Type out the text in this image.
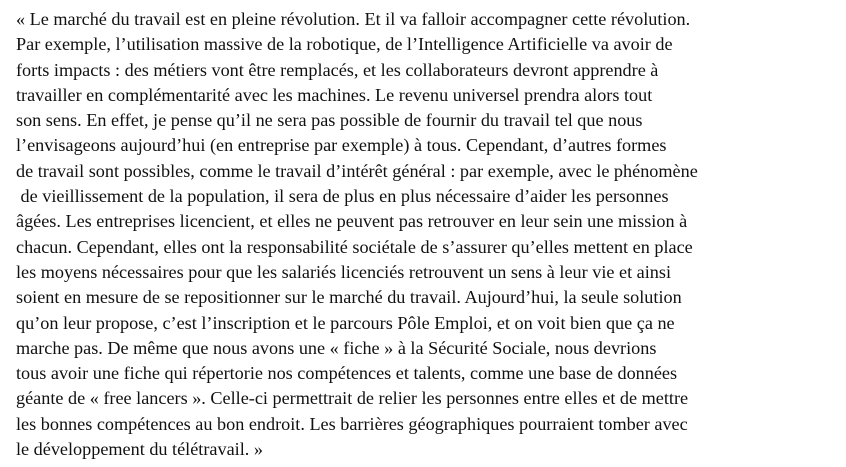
« Le marché du travail est en pleine révolution. Et il va falloir accompagner cette révolution.
Par exemple, l’utilisation massive de la robotique, de l’Intelligence Artificielle va avoir de
forts impacts : des métiers vont être remplacés, et les collaborateurs devront apprendre à
travailler en complémentarité avec les machines. Le revenu universel prendra alors tout
son sens. En effet, je pense qu’il ne sera pas possible de fournir du travail tel que nous
l’envisageons aujourd’hui (en entreprise par exemple) à tous. Cependant, d’autres formes
de travail sont possibles, comme le travail d’intérêt général : par exemple, avec le phénomène
de vieillissement de la population, il sera de plus en plus nécessaire d’aider les personnes
âgées. Les entreprises licencient, et elles ne peuvent pas retrouver en leur sein une mission à
chacun. Cependant, elles ont la responsabilité sociétale de s’assurer qu’elles mettent en place
les moyens nécessaires pour que les salariés licenciés retrouvent un sens à leur vie et ainsi
soient en mesure de se repositionner sur le marché du travail. Aujourd’hui, la seule solution
qu’on leur propose, c’est l’inscription et le parcours Pôle Emploi, et on voit bien que ça ne
marche pas. De même que nous avons une « fiche » à la Sécurité Sociale, nous devrions
tous avoir une fiche qui répertorie nos compétences et talents, comme une base de données
géante de « free lancers ». Celle-ci permettrait de relier les personnes entre elles et de mettre
les bonnes compétences au bon endroit. Les barrières géographiques pourraient tomber avec
le développement du télétravail. »
